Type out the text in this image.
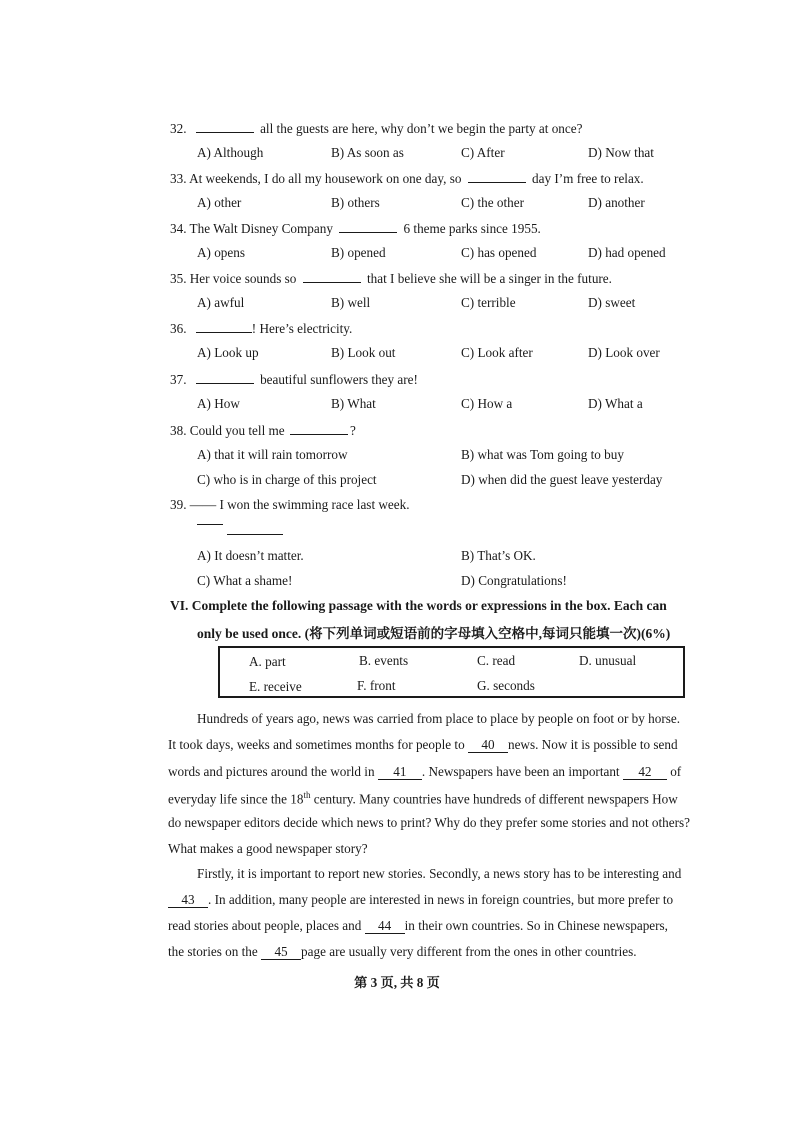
32.	all the guests are here, why don’t we begin the party at once?
A) Although	B) As soon as	C) After	D) Now that
33. At weekends, I do all my housework on one day, so	day I’m free to relax.
A) other	B) others	C) the other	D) another
34. The Walt Disney Company	6 theme parks since 1955.
A) opens	B) opened	C) has opened	D) had opened
35. Her voice sounds so	that I believe she will be a singer in the future.
A) awful	B) well	C) terrible	D) sweet
36.	! Here’s electricity.
A) Look up	B) Look out	C) Look after	D) Look over
37.	beautiful sunflowers they are!
A) How	B) What	C) How a	D) What a
38. Could you tell me	?
A) that it will rain tomorrow	B) what was Tom going to buy
C) who is in charge of this project	D) when did the guest leave yesterday
39. —— I won the swimming race last week.
A) It doesn’t matter.	B) That’s OK.
C) What a shame!	D) Congratulations!
VI. Complete the following passage with the words or expressions in the box. Each can
only be used once. (将下列单词或短语前的字母填入空格中,每词只能填一次)(6%)
A. part	B. events	C. read	D. unusual
E. receive	F. front	G. seconds
Hundreds of years ago, news was carried from place to place by people on foot or by horse.
It took days, weeks and sometimes months for people to 40 news. Now it is possible to send
words and pictures around the world in 41 . Newspapers have been an important 42 of
everyday life since the 18th century. Many countries have hundreds of different newspapers How
do newspaper editors decide which news to print? Why do they prefer some stories and not others?
What makes a good newspaper story?
Firstly, it is important to report new stories. Secondly, a news story has to be interesting and
43 . In addition, many people are interested in news in foreign countries, but more prefer to
read stories about people, places and 44 in their own countries. So in Chinese newspapers,
the stories on the 45 page are usually very different from the ones in other countries.
第 3 页, 共 8 页
